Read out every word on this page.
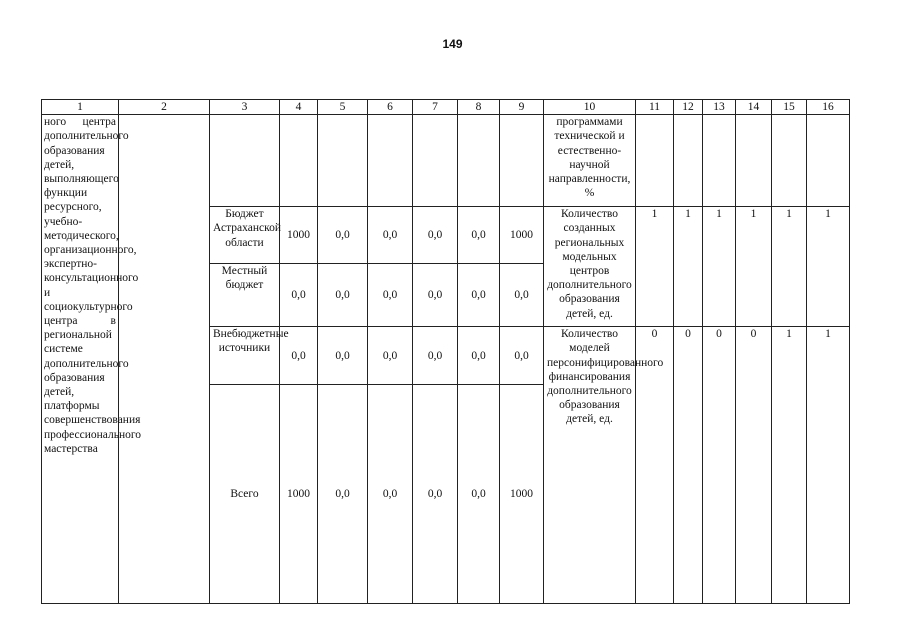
149
1	2	3	4	5	6	7	8	9	10	11	12	13	14	15	16
ного центра дополнительного образования детей, выполняющего функции ресурсного, учебно-методического, организационного, экспертно-консультационного и социокультурного центра в региональной системе дополнительного образования детей, платформы совершенствования профессионального мастерства									программами технической и естественно-научной направленности, %						
		Бюджет Астраханской области	1000	0,0	0,0	0,0	0,0	1000	Количество созданных региональных модельных центров дополнительного образования детей, ед.	1	1	1	1	1	1
		Местный бюджет	0,0	0,0	0,0	0,0	0,0	0,0							
		Внебюджетные источники	0,0	0,0	0,0	0,0	0,0	0,0	Количество моделей персонифицированного финансирования дополнительного образования детей, ед.	0	0	0	0	1	1
		Всего	1000	0,0	0,0	0,0	0,0	1000							
